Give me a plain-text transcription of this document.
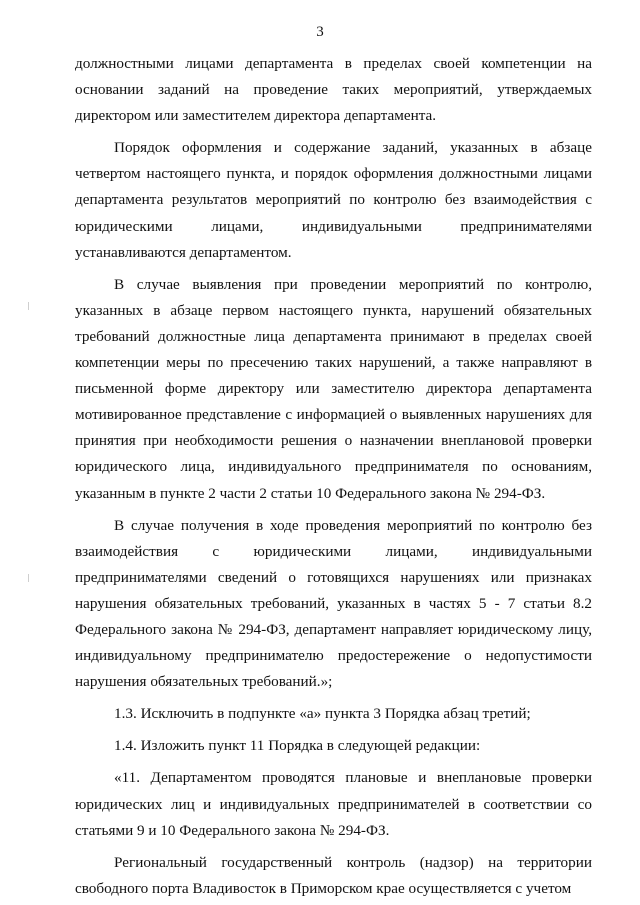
3

должностными лицами департамента в пределах своей компетенции на основании заданий на проведение таких мероприятий, утверждаемых директором или заместителем директора департамента.

Порядок оформления и содержание заданий, указанных в абзаце четвертом настоящего пункта, и порядок оформления должностными лицами департамента результатов мероприятий по контролю без взаимодействия с юридическими лицами, индивидуальными предпринимателями устанавливаются департаментом.

В случае выявления при проведении мероприятий по контролю, указанных в абзаце первом настоящего пункта, нарушений обязательных требований должностные лица департамента принимают в пределах своей компетенции меры по пресечению таких нарушений, а также направляют в письменной форме директору или заместителю директора департамента мотивированное представление с информацией о выявленных нарушениях для принятия при необходимости решения о назначении внеплановой проверки юридического лица, индивидуального предпринимателя по основаниям, указанным в пункте 2 части 2 статьи 10 Федерального закона № 294-ФЗ.

В случае получения в ходе проведения мероприятий по контролю без взаимодействия с юридическими лицами, индивидуальными предпринимателями сведений о готовящихся нарушениях или признаках нарушения обязательных требований, указанных в частях 5 - 7 статьи 8.2 Федерального закона № 294-ФЗ, департамент направляет юридическому лицу, индивидуальному предпринимателю предостережение о недопустимости нарушения обязательных требований.»;

1.3. Исключить в подпункте «а» пункта 3 Порядка абзац третий;

1.4. Изложить пункт 11 Порядка в следующей редакции:

«11. Департаментом проводятся плановые и внеплановые проверки юридических лиц и индивидуальных предпринимателей в соответствии со статьями 9 и 10 Федерального закона № 294-ФЗ.

Региональный государственный контроль (надзор) на территории свободного порта Владивосток в Приморском крае осуществляется с учетом
